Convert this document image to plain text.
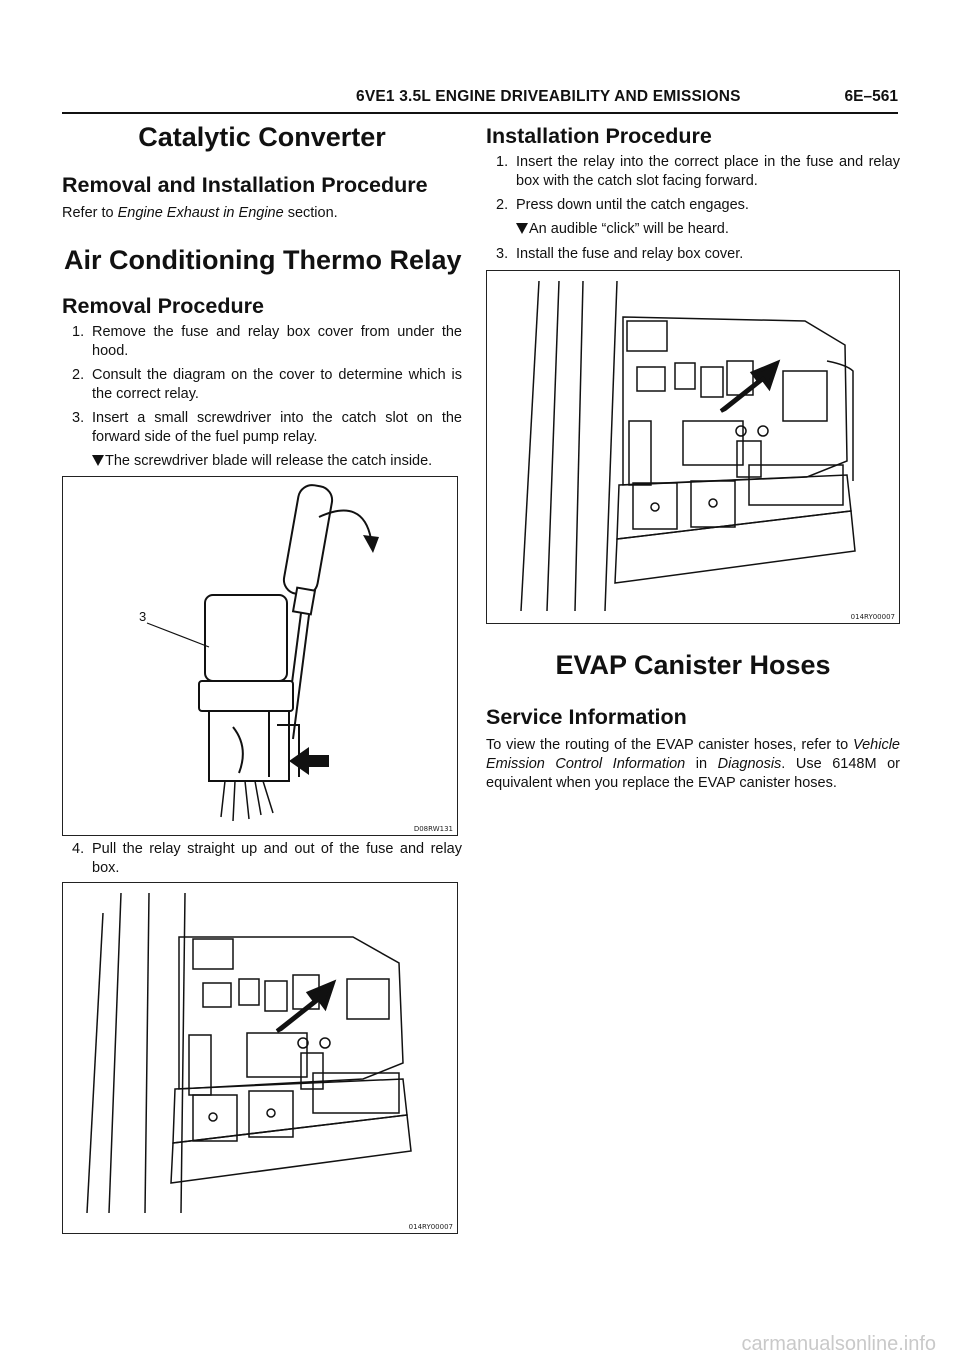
6VE1 3.5L ENGINE DRIVEABILITY AND EMISSIONS	6E–561
Catalytic Converter
Removal and Installation Procedure

Refer to Engine Exhaust in Engine section.

Air Conditioning Thermo Relay
Removal Procedure
1. Remove the fuse and relay box cover from under the hood.
2. Consult the diagram on the cover to determine which is the correct relay.
3. Insert a small screwdriver into the catch slot on the forward side of the fuel pump relay.

The screwdriver blade will release the catch inside.

3
D08RW131
4. Pull the relay straight up and out of the fuse and relay box.
014RY00007
Installation Procedure
1. Insert the relay into the correct place in the fuse and relay box with the catch slot facing forward.
2. Press down until the catch engages.

An audible “click” will be heard.

3. Install the fuse and relay box cover.
014RY00007
EVAP Canister Hoses
Service Information

To view the routing of the EVAP canister hoses, refer to Vehicle Emission Control Information in Diagnosis. Use 6148M or equivalent when you replace the EVAP canister hoses.

carmanualsonline.info
